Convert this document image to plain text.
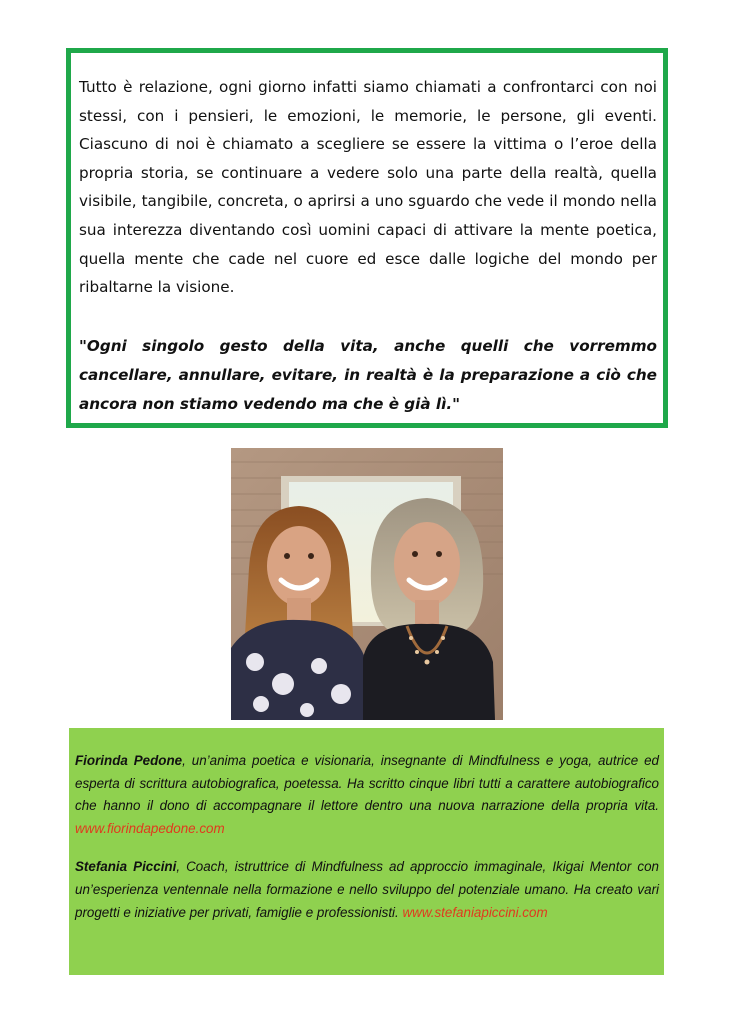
Tutto è relazione, ogni giorno infatti siamo chiamati a confrontarci con noi stessi, con i pensieri, le emozioni, le memorie, le persone, gli eventi. Ciascuno di noi è chiamato a scegliere se essere la vittima o l’eroe della propria storia, se continuare a vedere solo una parte della realtà, quella visibile, tangibile, concreta, o aprirsi a uno sguardo che vede il mondo nella sua interezza diventando così uomini capaci di attivare la mente poetica, quella mente che cade nel cuore ed esce dalle logiche del mondo per ribaltarne la visione.

"Ogni singolo gesto della vita, anche quelli che vorremmo cancellare, annullare, evitare, in realtà è la preparazione a ciò che ancora non stiamo vedendo ma che è già lì."

Fiorinda Pedone, un’anima poetica e visionaria, insegnante di Mindfulness e yoga, autrice ed esperta di scrittura autobiografica, poetessa. Ha scritto cinque libri tutti a carattere autobiografico che hanno il dono di accompagnare il lettore dentro una nuova narrazione della propria vita. www.fiorindapedone.com

Stefania Piccini, Coach, istruttrice di Mindfulness ad approccio immaginale, Ikigai Mentor con un’esperienza ventennale nella formazione e nello sviluppo del potenziale umano. Ha creato vari progetti e iniziative per privati, famiglie e professionisti. www.stefaniapiccini.com
